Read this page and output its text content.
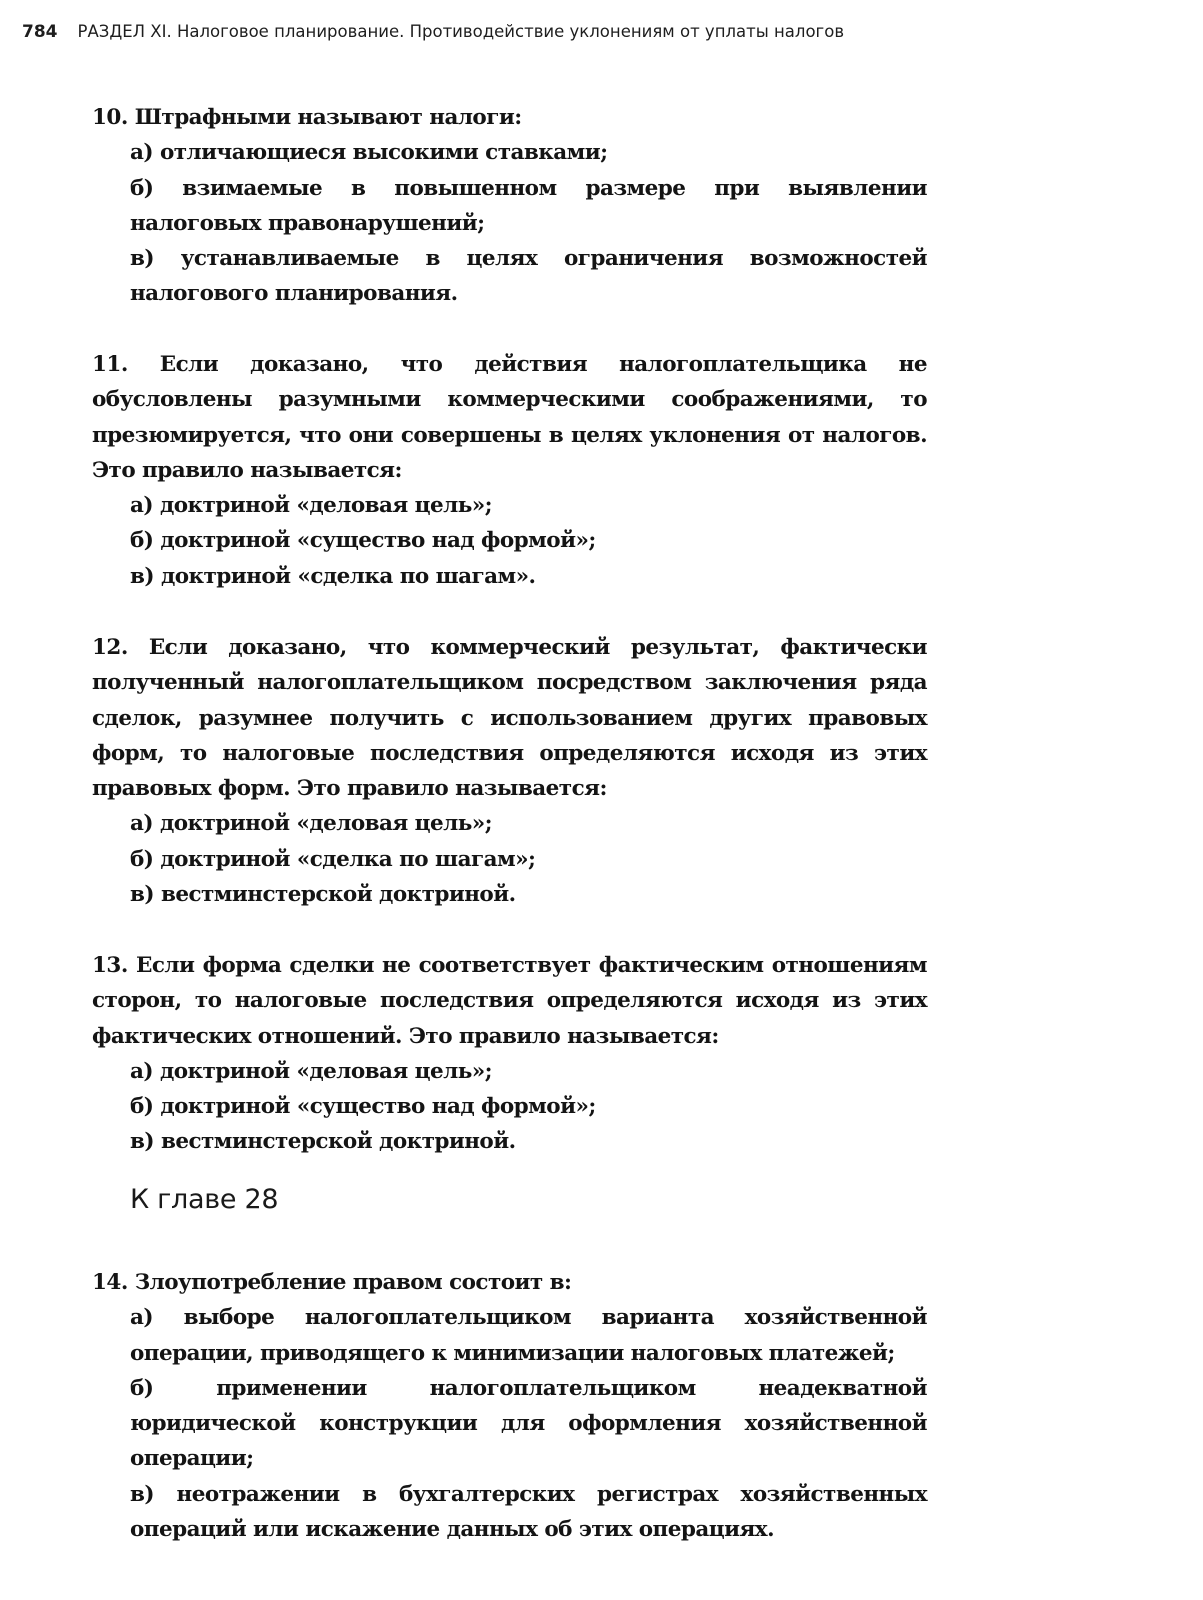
784 РАЗДЕЛ XI. Налоговое планирование. Противодействие уклонениям от уплаты налогов

10. Штрафными называют налоги:

а) отличающиеся высокими ставками;
б) взимаемые в повышенном размере при выявлении налоговых правонарушений;
в) устанавливаемые в целях ограничения возможностей налогового планирования.

11. Если доказано, что действия налогоплательщика не обусловлены разумными коммерческими соображениями, то презюмируется, что они совершены в целях уклонения от налогов. Это правило называется:

а) доктриной «деловая цель»;
б) доктриной «существо над формой»;
в) доктриной «сделка по шагам».

12. Если доказано, что коммерческий результат, фактически полученный налогоплательщиком посредством заключения ряда сделок, разумнее получить с использованием других правовых форм, то налоговые последствия определяются исходя из этих правовых форм. Это правило называется:

а) доктриной «деловая цель»;
б) доктриной «сделка по шагам»;
в) вестминстерской доктриной.

13. Если форма сделки не соответствует фактическим отношениям сторон, то налоговые последствия определяются исходя из этих фактических отношений. Это правило называется:

а) доктриной «деловая цель»;
б) доктриной «существо над формой»;
в) вестминстерской доктриной.

14. Злоупотребление правом состоит в:

а) выборе налогоплательщиком варианта хозяйственной операции, приводящего к минимизации налоговых платежей;
б) применении налогоплательщиком неадекватной юридической конструкции для оформления хозяйственной операции;
в) неотражении в бухгалтерских регистрах хозяйственных операций или искажение данных об этих операциях.
К главе 28
